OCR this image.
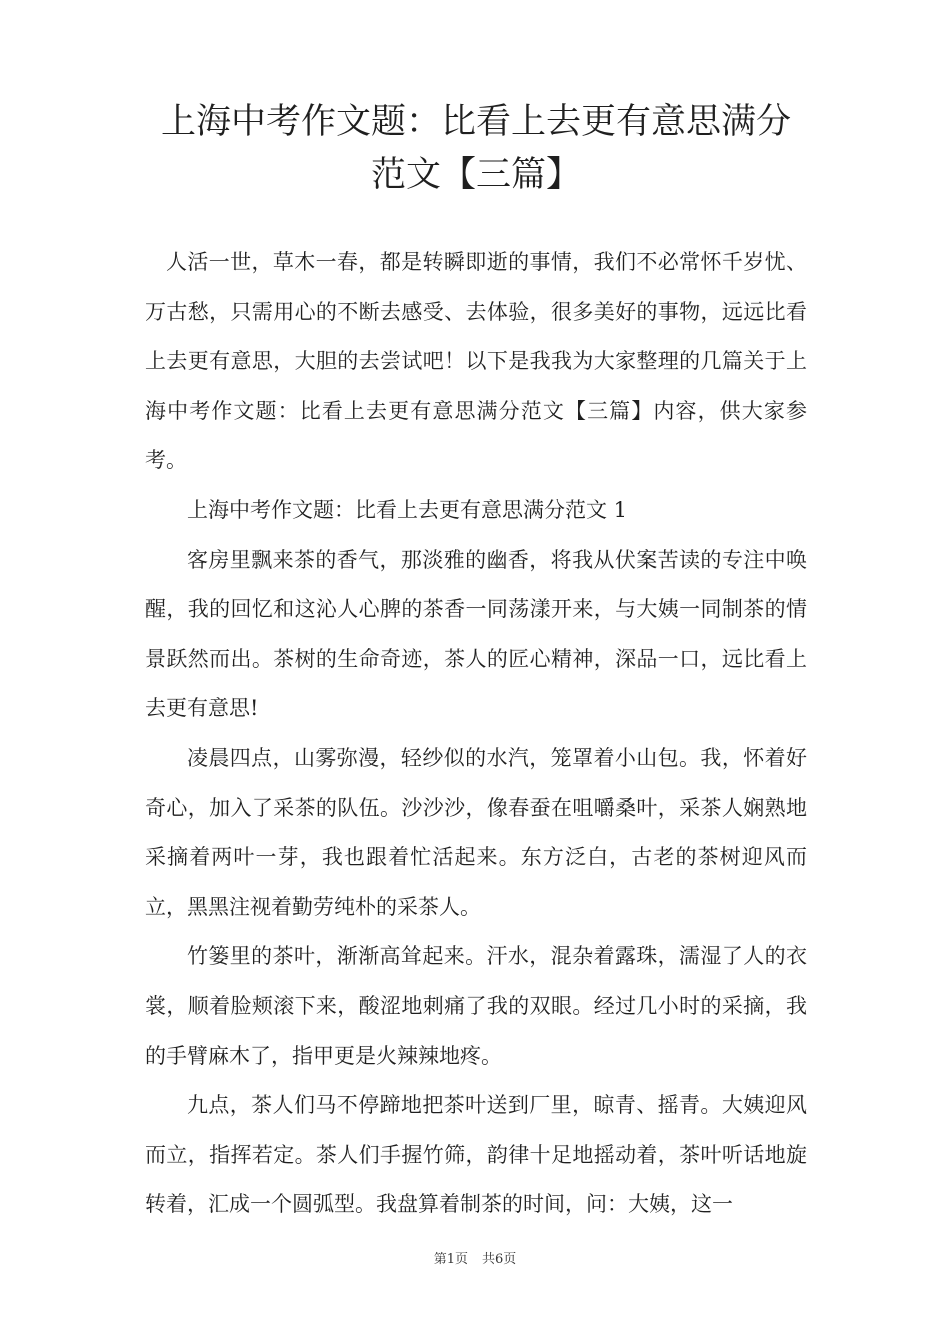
上海中考作文题：比看上去更有意思满分范文【三篇】

人活一世，草木一春，都是转瞬即逝的事情，我们不必常怀千岁忧、万古愁，只需用心的不断去感受、去体验，很多美好的事物，远远比看上去更有意思，大胆的去尝试吧！以下是我我为大家整理的几篇关于上海中考作文题：比看上去更有意思满分范文【三篇】内容，供大家参考。

上海中考作文题：比看上去更有意思满分范文 1

客房里飘来茶的香气，那淡雅的幽香，将我从伏案苦读的专注中唤醒，我的回忆和这沁人心脾的茶香一同荡漾开来，与大姨一同制茶的情景跃然而出。茶树的生命奇迹，茶人的匠心精神，深品一口，远比看上去更有意思!

凌晨四点，山雾弥漫，轻纱似的水汽，笼罩着小山包。我，怀着好奇心，加入了采茶的队伍。沙沙沙，像春蚕在咀嚼桑叶，采茶人娴熟地采摘着两叶一芽，我也跟着忙活起来。东方泛白，古老的茶树迎风而立，黑黑注视着勤劳纯朴的采茶人。

竹篓里的茶叶，渐渐高耸起来。汗水，混杂着露珠，濡湿了人的衣裳，顺着脸颊滚下来，酸涩地刺痛了我的双眼。经过几小时的采摘，我的手臂麻木了，指甲更是火辣辣地疼。

九点，茶人们马不停蹄地把茶叶送到厂里，晾青、摇青。大姨迎风而立，指挥若定。茶人们手握竹筛，韵律十足地摇动着，茶叶听话地旋转着，汇成一个圆弧型。我盘算着制茶的时间，问：大姨，这一

第1页 共6页
